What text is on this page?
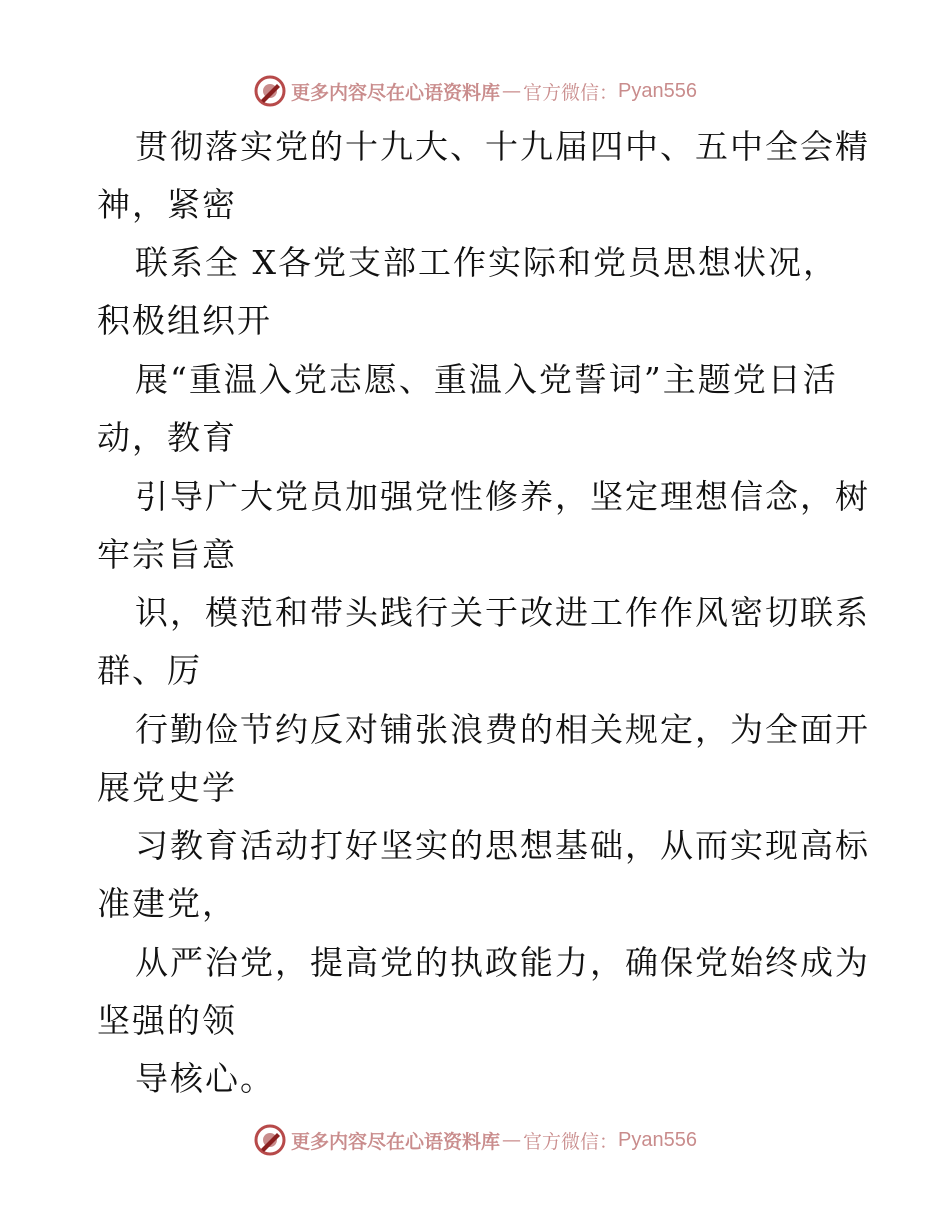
更多内容尽在心语资料库 — 官方微信： Pyan556
贯彻落实党的十九大、十九届四中、五中全会精
神，紧密
联系全 X各党支部工作实际和党员思想状况，
积极组织开
展“重温入党志愿、重温入党誓词”主题党日活
动，教育
引导广大党员加强党性修养，坚定理想信念，树
牢宗旨意
识，模范和带头践行关于改进工作作风密切联系
群、厉
行勤俭节约反对铺张浪费的相关规定，为全面开
展党史学
习教育活动打好坚实的思想基础，从而实现高标
准建党，
从严治党，提高党的执政能力，确保党始终成为
坚强的领
导核心。
更多内容尽在心语资料库 — 官方微信： Pyan556
